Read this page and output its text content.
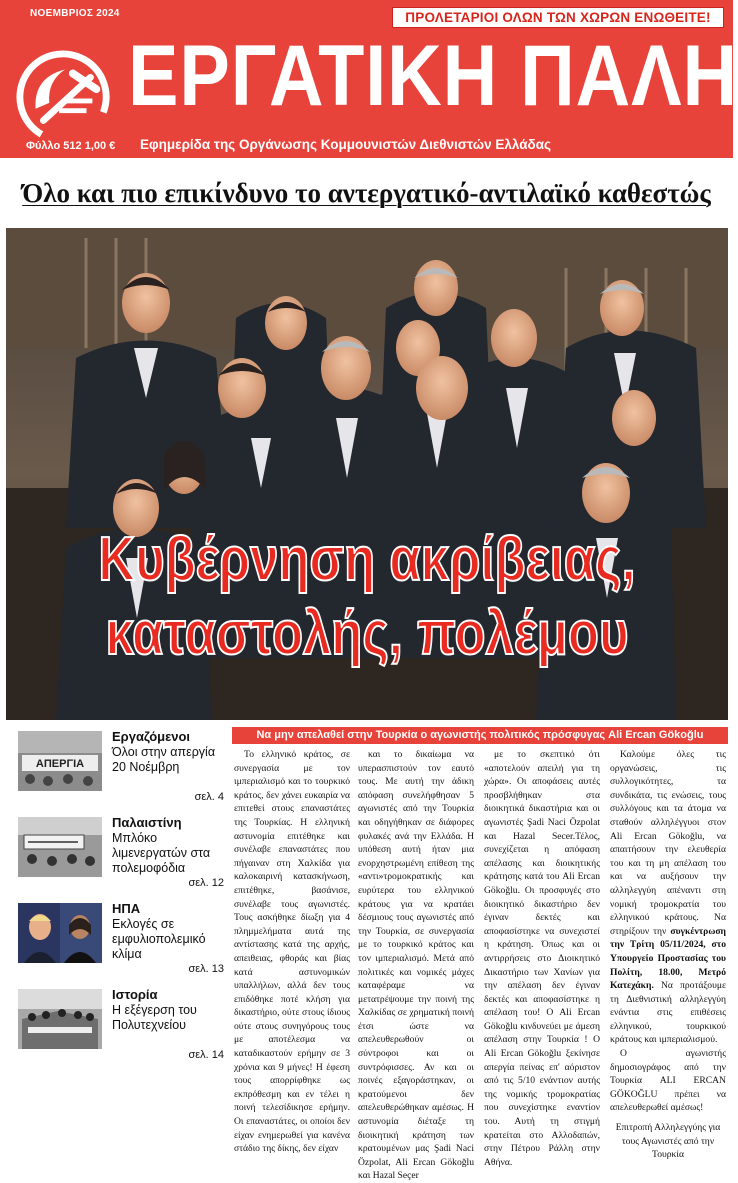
ΝΟΕΜΒΡΙΟΣ 2024	ΠΡΟΛΕΤΑΡΙΟΙ ΟΛΩΝ ΤΩΝ ΧΩΡΩΝ ΕΝΩΘΕΙΤΕ!
ΕΡΓΑΤΙΚΗ ΠΑΛΗ
Φύλλο 512 1,00 € Εφημερίδα της Οργάνωσης Κομμουνιστών Διεθνιστών Ελλάδας
Όλο και πιο επικίνδυνο το αντεργατικό-αντιλαϊκό καθεστώς
Κυβέρνηση ακρίβειας,
καταστολής, πολέμου
ΑΠΕΡΓΙΑ
Εργαζόμενοι
Όλοι στην απεργία 20 Νοέμβρη
σελ. 4
Παλαιστίνη
Μπλόκο λιμενεργατών στα πολεμοφόδια
σελ. 12
ΗΠΑ
Εκλογές σε εμφυλιοπολεμικό κλίμα
σελ. 13
Ιστορία
Η εξέγερση του Πολυτεχνείου
σελ. 14
Να μην απελαθεί στην Τουρκία ο αγωνιστής πολιτικός πρόσφυγας Ali Ercan Gökoğlu

Το ελληνικό κράτος, σε συνεργασία με τον ιμπεριαλισμό και το τουρκικό κράτος, δεν χάνει ευκαιρία να επιτεθεί στους επαναστάτες της Τουρκίας. Η ελληνική αστυνομία επιτέθηκε και συνέλαβε επαναστάτες που πήγαιναν στη Χαλκίδα για καλοκαιρινή κατασκήνωση, επιτέθηκε, βασάνισε, συνέλαβε τους αγωνιστές. Τους ασκήθηκε δίωξη για 4 πλημμελήματα αυτά της αντίστασης κατά της αρχής, απειθειας, φθοράς και βίας κατά αστυνομικών υπαλλήλων, αλλά δεν τους επιδόθηκε ποτέ κλήση για δικαστήριο, ούτε στους ίδιους ούτε στους συνηγόρους τους με αποτέλεσμα να καταδικαστούν ερήμην σε 3 χρόνια και 9 μήνες! Η έφεση τους απορρίφθηκε ως εκπρόθεσμη και εν τέλει η ποινή τελεσίδικησε ερήμην. Οι επαναστάτες, οι οποίοι δεν είχαν ενημερωθεί για κανένα στάδιο της δίκης, δεν είχαν

και το δικαίωμα να υπερασπιστούν τον εαυτό τους. Με αυτή την άδικη απόφαση συνελήφθησαν 5 αγωνιστές από την Τουρκία και οδηγήθηκαν σε διάφορες φυλακές ανά την Ελλάδα. Η υπόθεση αυτή ήταν μια ενορχηστρωμένη επίθεση της «αντι»τρομοκρατικής και ευρύτερα του ελληνικού κράτους για να κρατάει δέσμιους τους αγωνιστές από την Τουρκία, σε συνεργασία με το τουρκικό κράτος και τον ιμπεριαλισμό. Μετά από πολιτικές και νομικές μάχες καταφέραμε να μετατρέψουμε την ποινή της Χαλκίδας σε χρηματική ποινή έτσι ώστε να απελευθερωθούν οι σύντροφοι και οι συντρόφισσες. Αν και οι ποινές εξαγοράστηκαν, οι κρατούμενοι δεν απελευθερώθηκαν αμέσως. Η αστυνομία διέταξε τη διοικητική κράτηση των κρατουμένων μας Şadi Naci Özpolat, Ali Ercan Gökoğlu και Hazal Seçer

με το σκεπτικό ότι «αποτελούν απειλή για τη χώρα». Οι αποφάσεις αυτές προσβλήθηκαν στα διοικητικά δικαστήρια και οι αγωνιστές Şadi Naci Özpolat και Hazal Secer.Τέλος, συνεχίζεται η απόφαση απέλασης και διοικητικής κράτησης κατά του Ali Ercan Gökoğlu. Οι προσφυγές στο διοικητικό δικαστήριο δεν έγιναν δεκτές και αποφασίστηκε να συνεχιστεί η κράτηση. Όπως και οι αντιρρήσεις στο Διοικητικό Δικαστήριο των Χανίων για την απέλαση δεν έγιναν δεκτές και αποφασίστηκε η απέλαση του! Ο Ali Ercan Gökoğlu κινδυνεύει με άμεση απέλαση στην Τουρκία ! Ο Ali Ercan Gökoğlu ξεκίνησε απεργία πείνας επ' αόριστον από τις 5/10 ενάντιον αυτής της νομικής τρομοκρατίας που συνεχίστηκε εναντίον του. Αυτή τη στιγμή κρατείται στο Αλλοδαπών, στην Πέτρου Ράλλη στην Αθήνα.

Καλούμε όλες τις οργανώσεις, τις συλλογικότητες, τα συνδικάτα, τις ενώσεις, τους συλλόγους και τα άτομα να σταθούν αλληλέγγυοι στον Ali Ercan Gökoğlu, να απαιτήσουν την ελευθερία του και τη μη απέλαση του και να αυξήσουν την αλληλεγγύη απέναντι στη νομική τρομοκρατία του ελληνικού κράτους. Να στηρίξουν την συγκέντρωση την Τρίτη 05/11/2024, στο Υπουργείο Προστασίας του Πολίτη, 18.00, Μετρό Κατεχάκη. Να προτάξουμε τη Διεθνιστική αλληλεγγύη ενάντια στις επιθέσεις ελληνικού, τουρκικού κράτους και ιμπεριαλισμού.

Ο αγωνιστής δημοσιογράφος από την Τουρκία ALI ERCAN GÖKOĞLU πρέπει να απελευθερωθεί αμέσως!

Επιτροπή Αλληλεγγύης για τους Αγωνιστές από την Τουρκία
